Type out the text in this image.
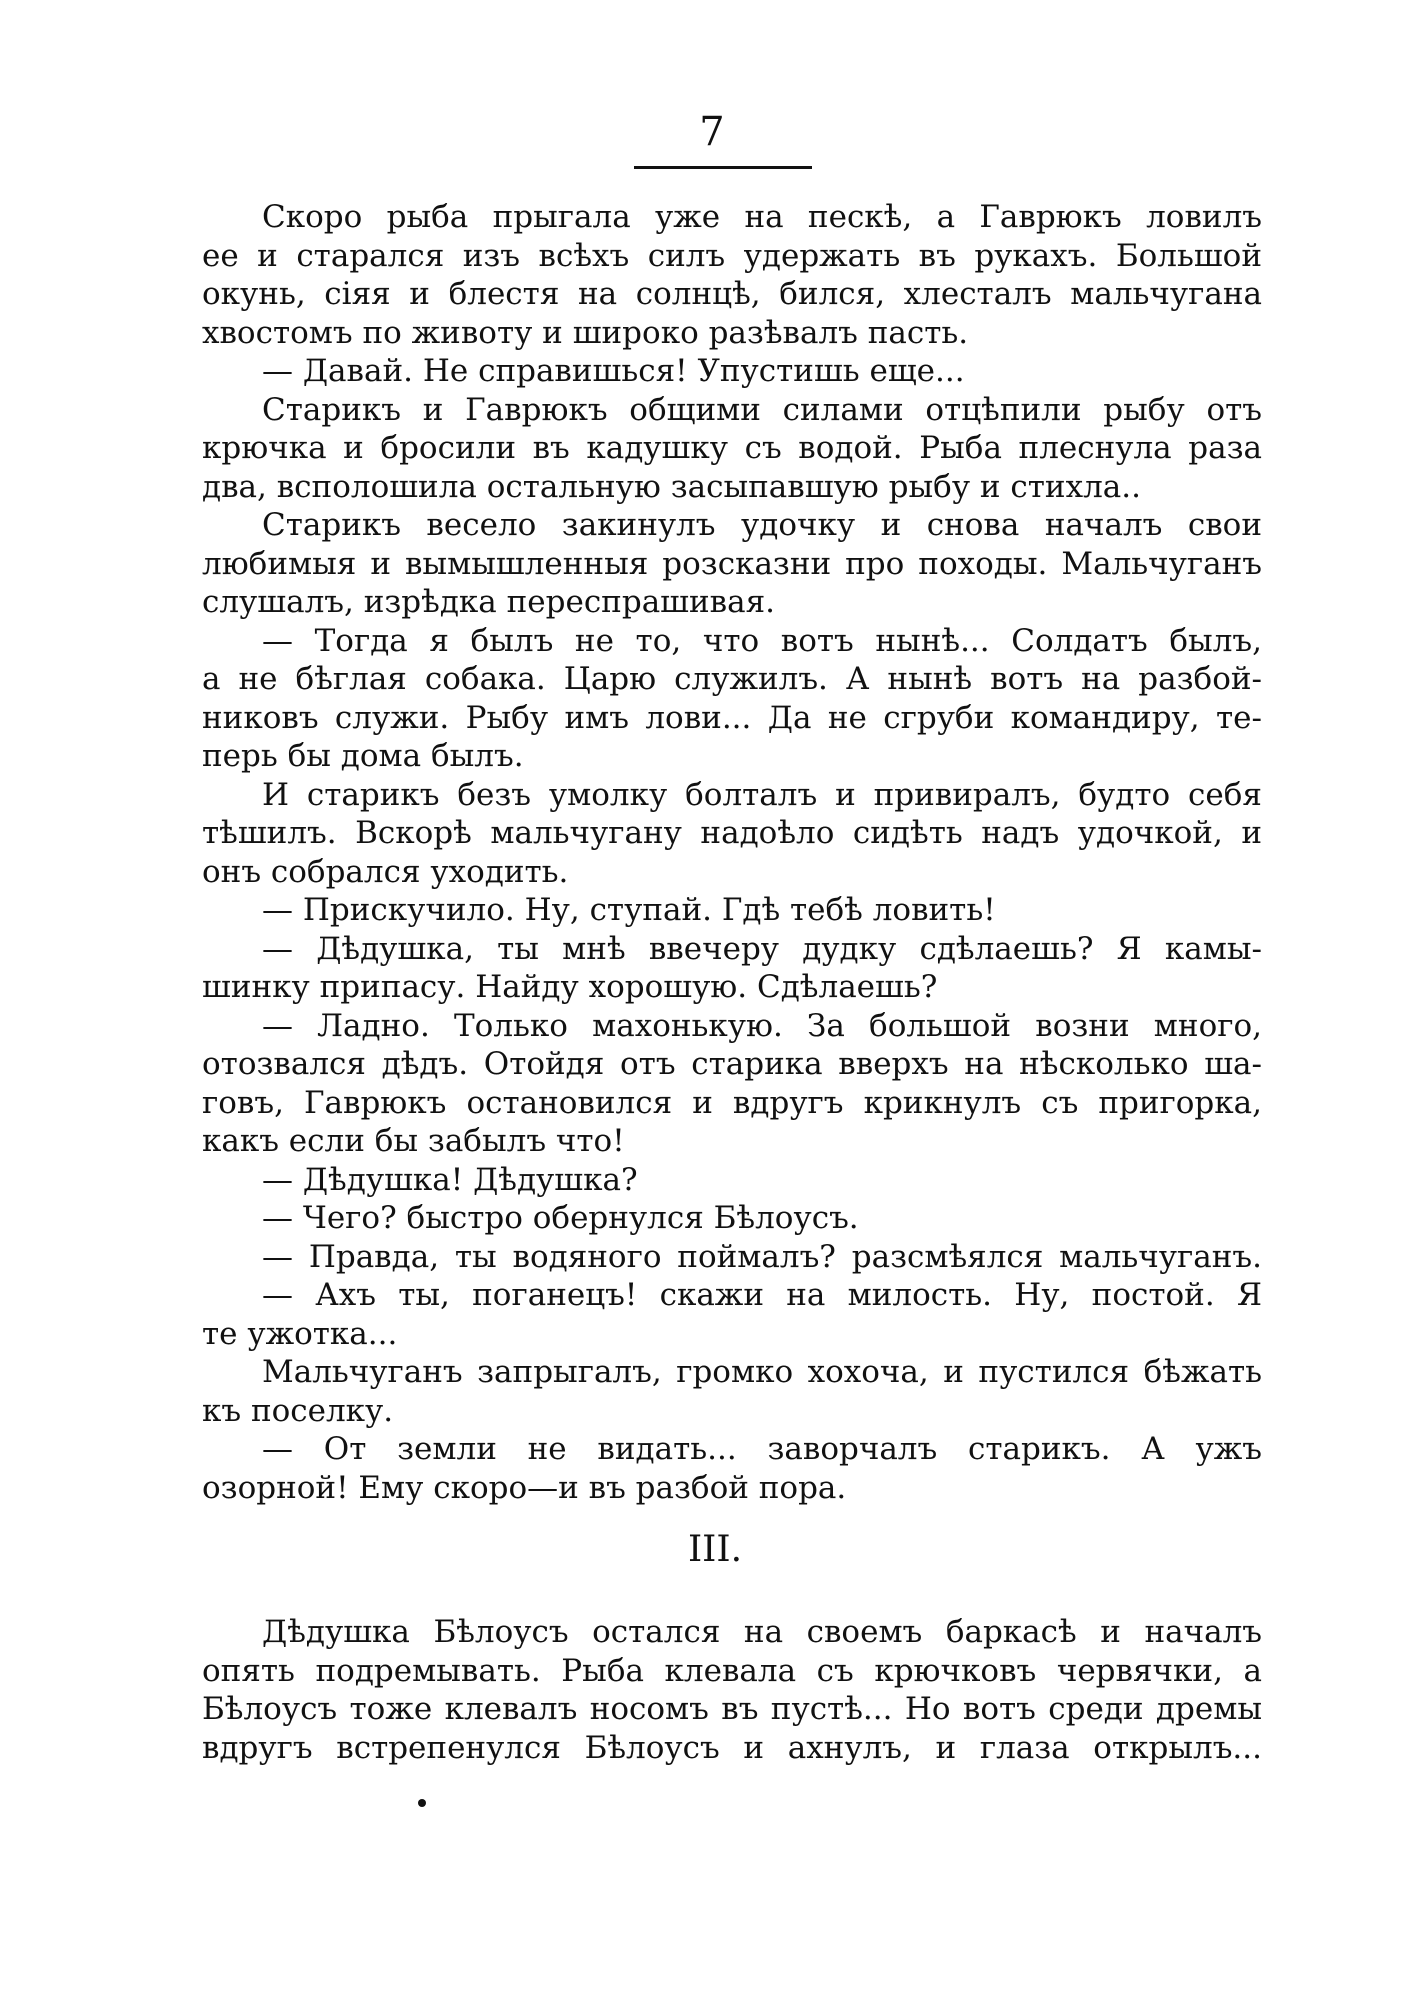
7
Скоро рыба прыгала уже на пескѣ, а Гаврюкъ ловилъ
ее и старался изъ всѣхъ силъ удержать въ рукахъ. Большой
окунь, сіяя и блестя на солнцѣ, бился, хлесталъ мальчугана
хвостомъ по животу и широко разѣвалъ пасть.
— Давай. Не справишься! Упустишь еще...
Старикъ и Гаврюкъ общими силами отцѣпили рыбу отъ
крючка и бросили въ кадушку съ водой. Рыба плеснула раза
два, всполошила остальную засыпавшую рыбу и стихла..
Старикъ весело закинулъ удочку и снова началъ свои
любимыя и вымышленныя розсказни про походы. Мальчуганъ
слушалъ, изрѣдка переспрашивая.
— Тогда я былъ не то, что вотъ нынѣ... Солдатъ былъ,
а не бѣглая собака. Царю служилъ. А нынѣ вотъ на разбой-
никовъ служи. Рыбу имъ лови... Да не сгруби командиру, те-
перь бы дома былъ.
И старикъ безъ умолку болталъ и привиралъ, будто себя
тѣшилъ. Вскорѣ мальчугану надоѣло сидѣть надъ удочкой, и
онъ собрался уходить.
— Прискучило. Ну, ступай. Гдѣ тебѣ ловить!
— Дѣдушка, ты мнѣ ввечеру дудку сдѣлаешь? Я камы-
шинку припасу. Найду хорошую. Сдѣлаешь?
— Ладно. Только махонькую. За большой возни много,
отозвался дѣдъ. Отойдя отъ старика вверхъ на нѣсколько ша-
говъ, Гаврюкъ остановился и вдругъ крикнулъ съ пригорка,
какъ если бы забылъ что!
— Дѣдушка! Дѣдушка?
— Чего? быстро обернулся Бѣлоусъ.
— Правда, ты водяного поймалъ? разсмѣялся мальчуганъ.
— Ахъ ты, поганецъ! скажи на милость. Ну, постой. Я
те ужотка...
Мальчуганъ запрыгалъ, громко хохоча, и пустился бѣжать
къ поселку.
— От земли не видать... заворчалъ старикъ. А ужъ
озорной! Ему скоро—и въ разбой пора.
III.
Дѣдушка Бѣлоусъ остался на своемъ баркасѣ и началъ
опять подремывать. Рыба клевала съ крючковъ червячки, а
Бѣлоусъ тоже клевалъ носомъ въ пустѣ... Но вотъ среди дремы
вдругъ встрепенулся Бѣлоусъ и ахнулъ, и глаза открылъ...
